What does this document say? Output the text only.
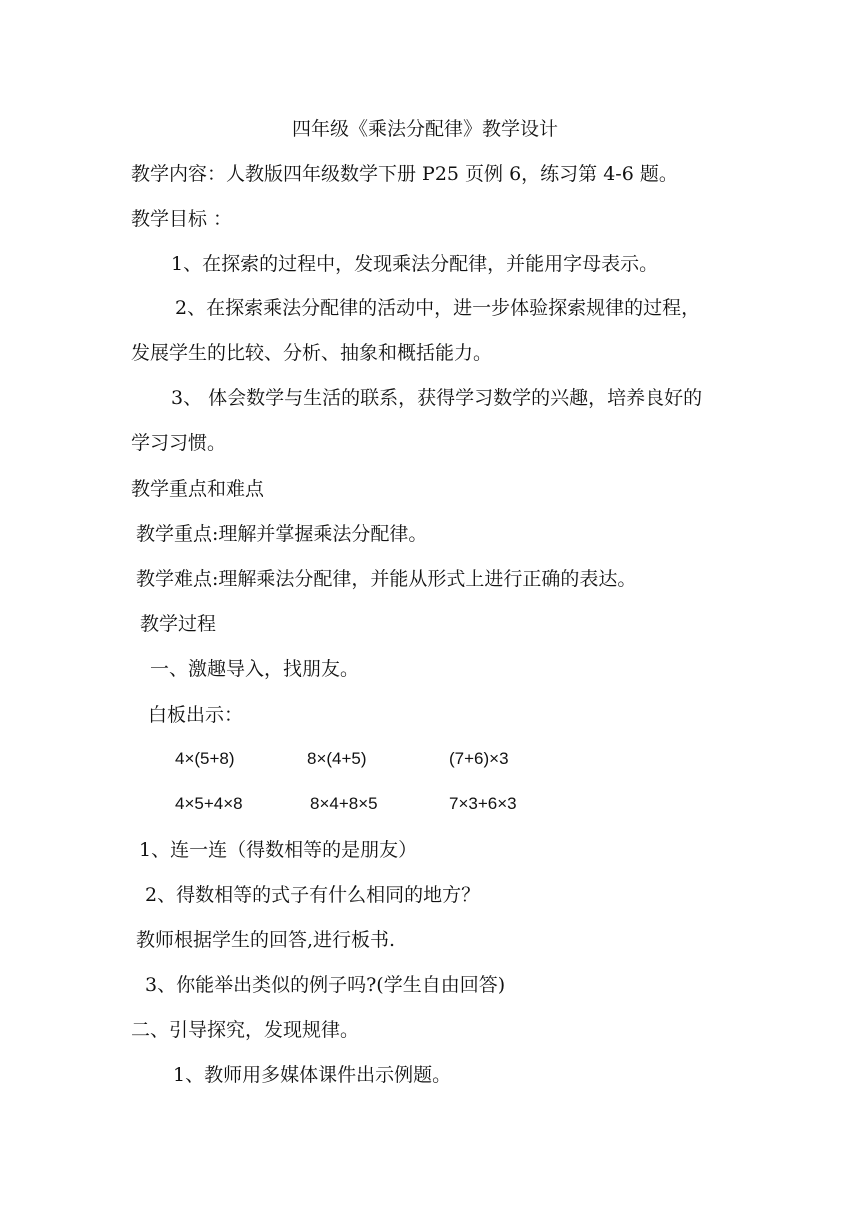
四年级《乘法分配律》教学设计
教学内容：人教版四年级数学下册 P25 页例 6，练习第 4-6 题。
教学目标 ：
1、在探索的过程中，发现乘法分配律，并能用字母表示。
2、在探索乘法分配律的活动中，进一步体验探索规律的过程，
发展学生的比较、分析、抽象和概括能力。
3、 体会数学与生活的联系，获得学习数学的兴趣，培养良好的
学习习惯。
教学重点和难点
教学重点:理解并掌握乘法分配律。
教学难点:理解乘法分配律，并能从形式上进行正确的表达。
教学过程
一、激趣导入，找朋友。
白板出示：
4×(5+8)	8×(4+5)	(7+6)×3
4×5+4×8	8×4+8×5	7×3+6×3
1、连一连（得数相等的是朋友）
2、得数相等的式子有什么相同的地方？
教师根据学生的回答,进行板书.
3、你能举出类似的例子吗?(学生自由回答)
二、引导探究，发现规律。
1、教师用多媒体课件出示例题。
